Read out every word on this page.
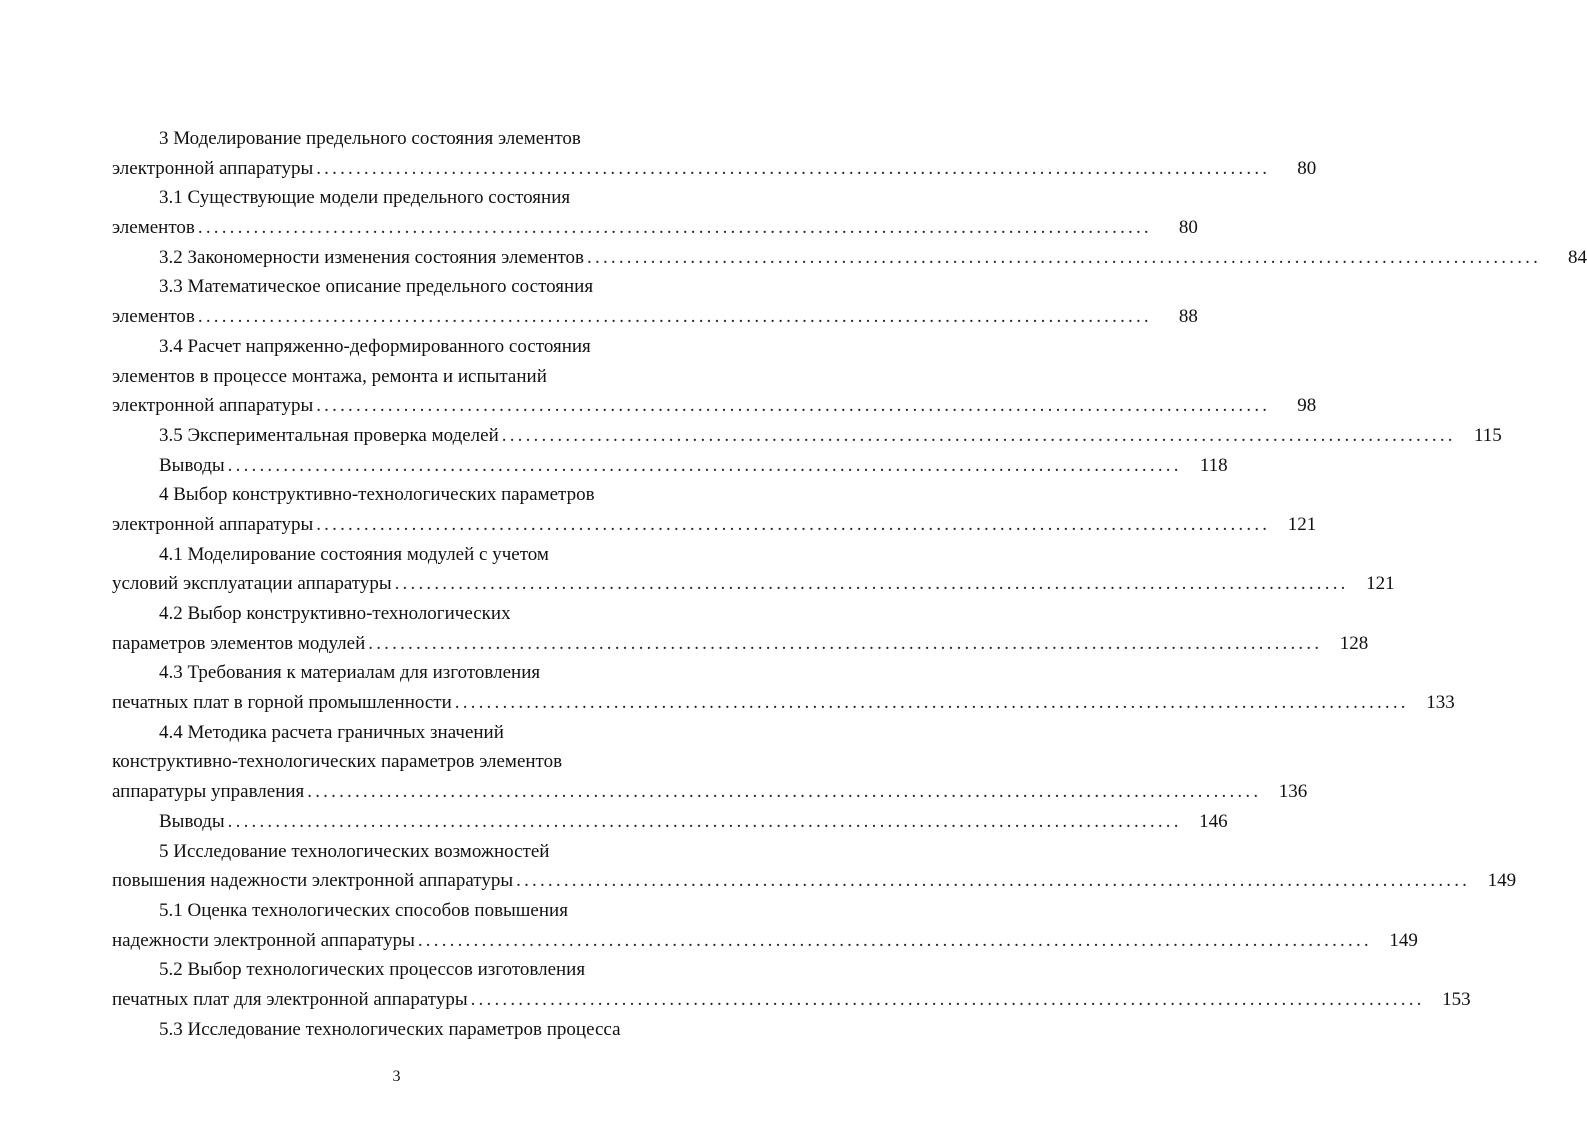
3 Моделирование предельного состояния элементов
электронной аппаратуры ........................................................................................................................	80
3.1 Существующие модели предельного состояния
элементов ........................................................................................................................	80
3.2 Закономерности изменения состояния элементов ........................................................................................................................	84
3.3 Математическое описание предельного состояния
элементов ........................................................................................................................	88
3.4 Расчет напряженно-деформированного состояния
элементов в процессе монтажа, ремонта и испытаний
электронной аппаратуры ........................................................................................................................	98
3.5 Экспериментальная проверка моделей ........................................................................................................................ 115
Выводы ........................................................................................................................ 118
4 Выбор конструктивно-технологических параметров
электронной аппаратуры ........................................................................................................................ 121
4.1 Моделирование состояния модулей с учетом
условий эксплуатации аппаратуры ........................................................................................................................ 121
4.2 Выбор конструктивно-технологических
параметров элементов модулей ........................................................................................................................ 128
4.3 Требования к материалам для изготовления
печатных плат в горной промышленности ........................................................................................................................ 133
4.4 Методика расчета граничных значений
конструктивно-технологических параметров элементов
аппаратуры управления ........................................................................................................................ 136
Выводы ........................................................................................................................ 146
5 Исследование технологических возможностей
повышения надежности электронной аппаратуры ........................................................................................................................ 149
5.1 Оценка технологических способов повышения
надежности электронной аппаратуры ........................................................................................................................ 149
5.2 Выбор технологических процессов изготовления
печатных плат для электронной аппаратуры ........................................................................................................................ 153
5.3 Исследование технологических параметров процесса
3
